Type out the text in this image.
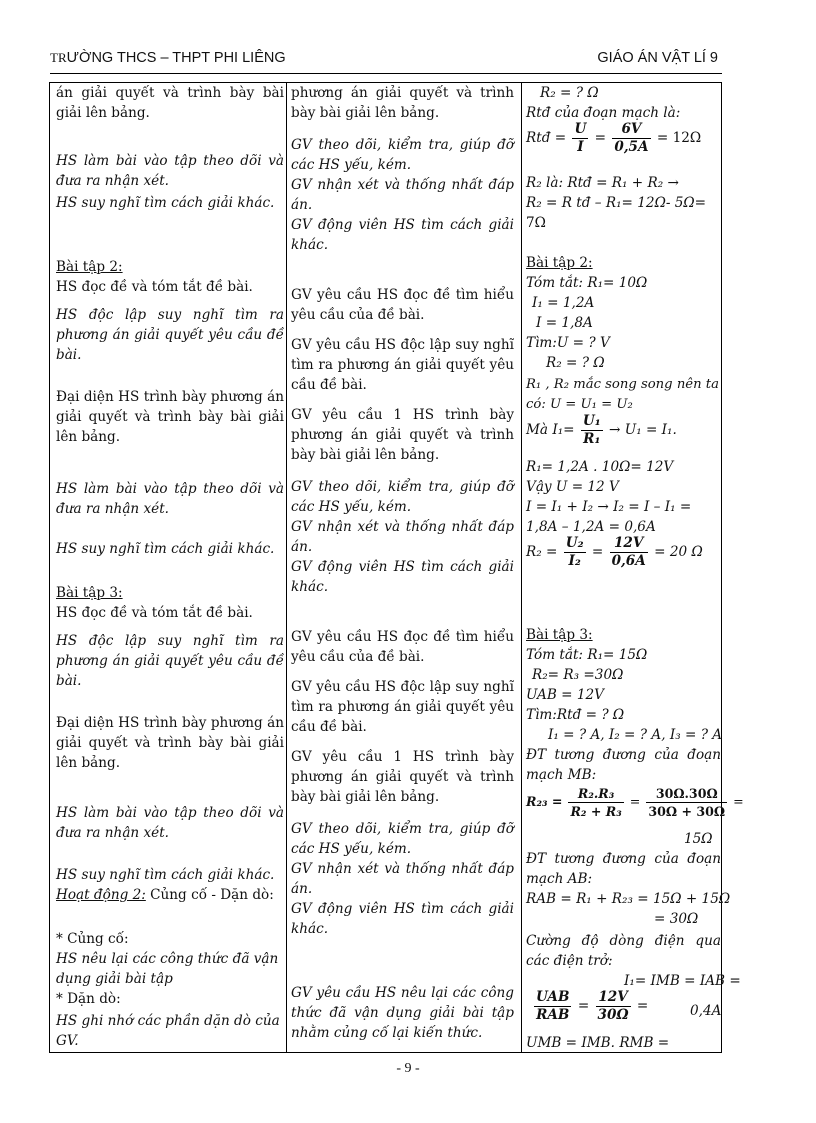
TRƯỜNG THCS – THPT PHI LIÊNG	GIÁO ÁN VẬT LÍ 9

án giải quyết và trình bày bài giải lên bảng.

HS làm bài vào tập theo dõi và đưa ra nhận xét.

HS suy nghĩ tìm cách giải khác.

Bài tập 2:

HS đọc đề và tóm tắt đề bài.

HS độc lập suy nghĩ tìm ra phương án giải quyết yêu cầu đề bài.

Đại diện HS trình bày phương án giải quyết và trình bày bài giải lên bảng.

HS làm bài vào tập theo dõi và đưa ra nhận xét.

HS suy nghĩ tìm cách giải khác.

Bài tập 3:

HS đọc đề và tóm tắt đề bài.

HS độc lập suy nghĩ tìm ra phương án giải quyết yêu cầu đề bài.

Đại diện HS trình bày phương án giải quyết và trình bày bài giải lên bảng.

HS làm bài vào tập theo dõi và đưa ra nhận xét.

HS suy nghĩ tìm cách giải khác.

Hoạt động 2: Củng cố - Dặn dò:

* Củng cố:

HS nêu lại các công thức đã vận dụng giải bài tập

* Dặn dò:

HS ghi nhớ các phần dặn dò của GV.

phương án giải quyết và trình bày bài giải lên bảng.

GV theo dõi, kiểm tra, giúp đỡ các HS yếu, kém.

GV nhận xét và thống nhất đáp án.

GV động viên HS tìm cách giải khác.

GV yêu cầu HS đọc đề tìm hiểu yêu cầu của đề bài.

GV yêu cầu HS độc lập suy nghĩ tìm ra phương án giải quyết yêu cầu đề bài.

GV yêu cầu 1 HS trình bày phương án giải quyết và trình bày bài giải lên bảng.

GV theo dõi, kiểm tra, giúp đỡ các HS yếu, kém.

GV nhận xét và thống nhất đáp án.

GV động viên HS tìm cách giải khác.

GV yêu cầu HS đọc đề tìm hiểu yêu cầu của đề bài.

GV yêu cầu HS độc lập suy nghĩ tìm ra phương án giải quyết yêu cầu đề bài.

GV yêu cầu 1 HS trình bày phương án giải quyết và trình bày bài giải lên bảng.

GV theo dõi, kiểm tra, giúp đỡ các HS yếu, kém.

GV nhận xét và thống nhất đáp án.

GV động viên HS tìm cách giải khác.

GV yêu cầu HS nêu lại các công thức đã vận dụng giải bài tập nhằm củng cố lại kiến thức.

R₂ = ? Ω
Rtđ của đoạn mạch là:
Rtđ = $\frac{U}{I} = \frac{6V}{0,5A} = 12\Omega$
R₂ là: Rtđ = R₁ + R₂ →
R₂ = R tđ – R₁= 12Ω- 5Ω=
7Ω
Bài tập 2:
Tóm tắt: R₁= 10Ω
I₁ = 1,2A
I = 1,8A
Tìm:U = ? V
R₂ = ? Ω

R₁ , R₂ mắc song song nên ta có: U = U₁ = U₂

Mà $I_1= \frac{\text{U₁}}{\text{R₁}} \to U_1 = I_1$.
R₁= 1,2A . 10Ω= 12V
Vậy U = 12 V
I = I₁ + I₂ → I₂ = I – I₁ =
1,8A – 1,2A = 0,6A
$R_2 = \frac{\text{U₂}}{\text{I₂}} = \frac{12V}{0,6A} = 20$ Ω
Bài tập 3:
Tóm tắt: R₁= 15Ω
R₂= R₃ =30Ω
UAB = 12V
Tìm:Rtđ = ? Ω
I₁ = ? A, I₂ = ? A, I₃ = ? A

ĐT tương đương của đoạn mạch MB:

$R_{23} = \frac{\text{R₂.R₃}}{\text{R₂ + R₃}} = \frac{30\Omega.30\Omega}{30\Omega + 30\Omega}$ =
15Ω

ĐT tương đương của đoạn mạch AB:

RAB = R₁ + R₂₃ = 15Ω + 15Ω
= 30Ω

Cường độ dòng điện qua các điện trở:

I₁= IMB = IAB =
$\frac{\text{UAB}}{\text{RAB}} = \frac{12V}{30\Omega}$ =	0,4A
UMB = IMB. RMB =
- 9 -
